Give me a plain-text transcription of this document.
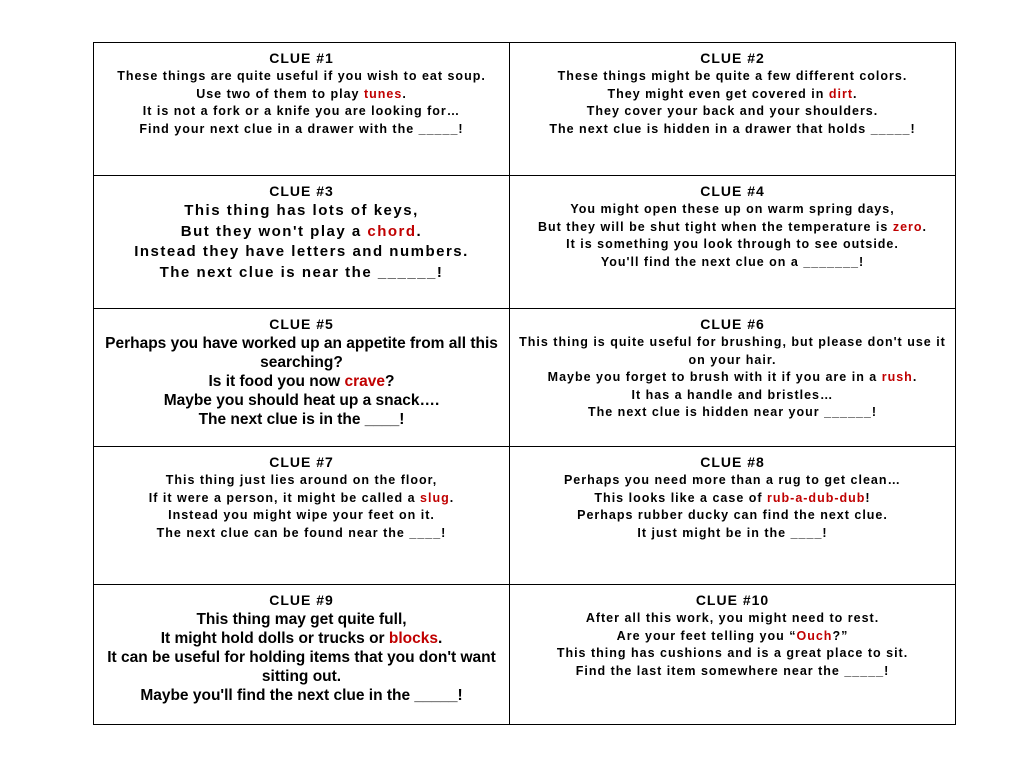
CLUE #1
These things are quite useful if you wish to eat soup.
Use two of them to play tunes.
It is not a fork or a knife you are looking for…
Find your next clue in a drawer with the _____!
CLUE #2
These things might be quite a few different colors.
They might even get covered in dirt.
They cover your back and your shoulders.
The next clue is hidden in a drawer that holds _____!
CLUE #3
This thing has lots of keys,
But they won't play a chord.
Instead they have letters and numbers.
The next clue is near the ______!
CLUE #4
You might open these up on warm spring days,
But they will be shut tight when the temperature is zero.
It is something you look through to see outside.
You'll find the next clue on a _______!
CLUE #5
Perhaps you have worked up an appetite from all this searching?
Is it food you now crave?
Maybe you should heat up a snack….
The next clue is in the ____!
CLUE #6
This thing is quite useful for brushing, but please don't use it on your hair.
Maybe you forget to brush with it if you are in a rush.
It has a handle and bristles…
The next clue is hidden near your ______!
CLUE #7
This thing just lies around on the floor,
If it were a person, it might be called a slug.
Instead you might wipe your feet on it.
The next clue can be found near the ____!
CLUE #8
Perhaps you need more than a rug to get clean…
This looks like a case of rub-a-dub-dub!
Perhaps rubber ducky can find the next clue.
It just might be in the ____!
CLUE #9
This thing may get quite full,
It might hold dolls or trucks or blocks.
It can be useful for holding items that you don't want sitting out.
Maybe you'll find the next clue in the _____!
CLUE #10
After all this work, you might need to rest.
Are your feet telling you “Ouch?”
This thing has cushions and is a great place to sit.
Find the last item somewhere near the _____!
